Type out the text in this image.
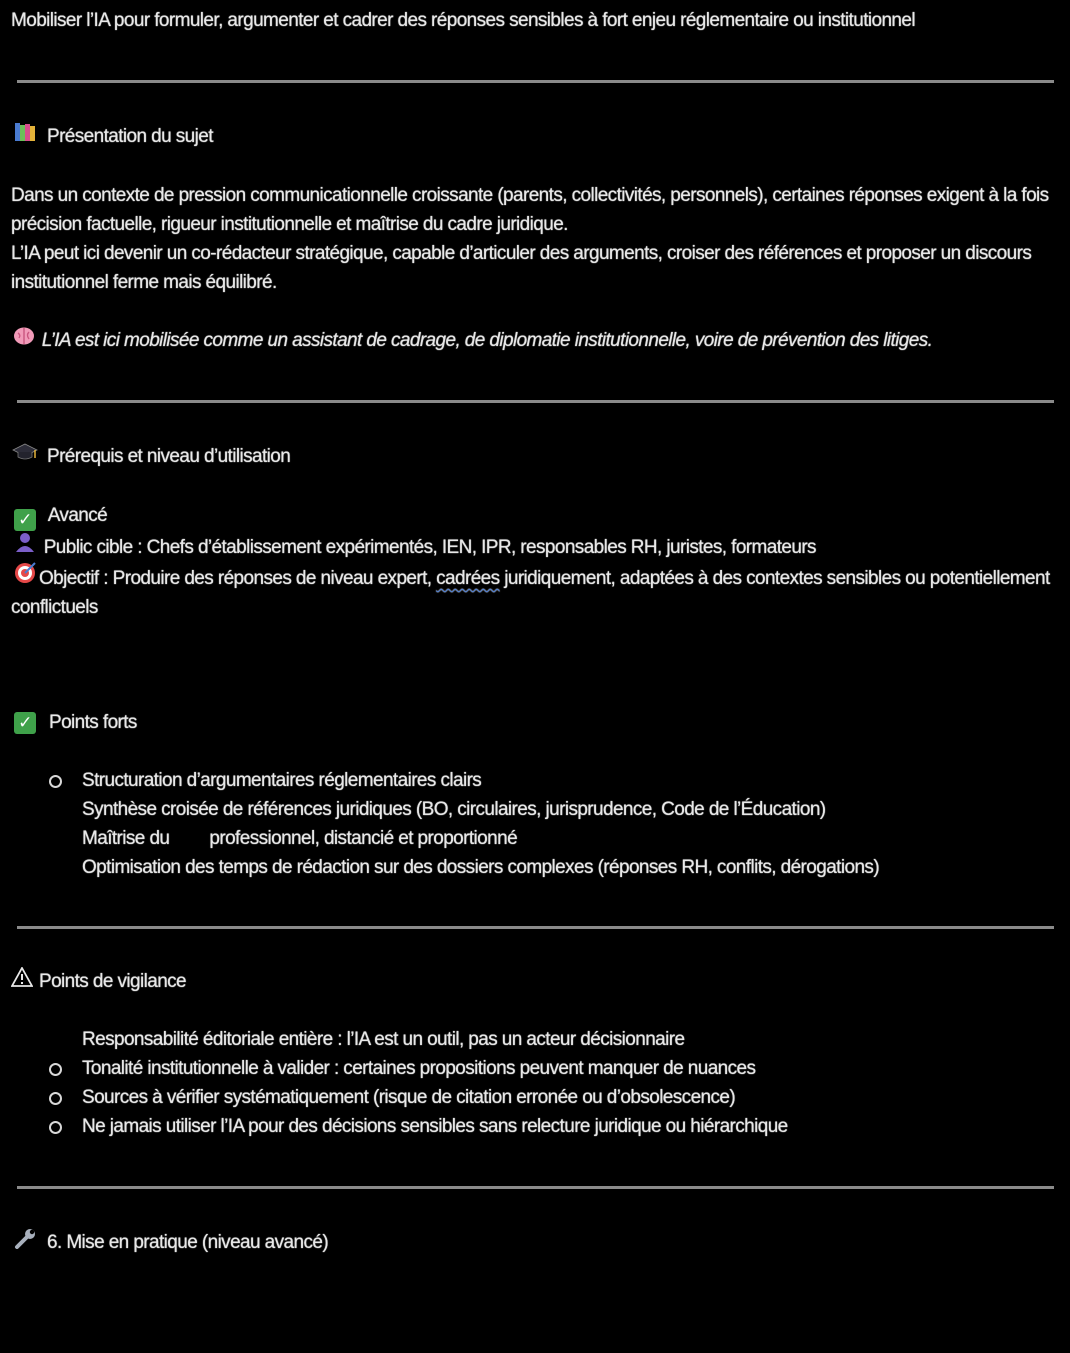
Mobiliser l’IA pour formuler, argumenter et cadrer des réponses sensibles à fort enjeu réglementaire ou institutionnel

Présentation du sujet

Dans un contexte de pression communicationnelle croissante (parents, collectivités, personnels), certaines réponses exigent à la fois précision factuelle, rigueur institutionnelle et maîtrise du cadre juridique.

L’IA peut ici devenir un co-rédacteur stratégique, capable d’articuler des arguments, croiser des références et proposer un discours institutionnel ferme mais équilibré.

L’IA est ici mobilisée comme un assistant de cadrage, de diplomatie institutionnelle, voire de prévention des litiges.

Prérequis et niveau d’utilisation
✓ Avancé
Public cible : Chefs d’établissement expérimentés, IEN, IPR, responsables RH, juristes, formateurs
Objectif : Produire des réponses de niveau expert, cadrées juridiquement, adaptées à des contextes sensibles ou potentiellement conflictuels
✓ Points forts
Structuration d’argumentaires réglementaires clairs
Synthèse croisée de références juridiques (BO, circulaires, jurisprudence, Code de l’Éducation)
Maîtrise du professionnel, distancié et proportionné
Optimisation des temps de rédaction sur des dossiers complexes (réponses RH, conflits, dérogations)
Points de vigilance
Responsabilité éditoriale entière : l’IA est un outil, pas un acteur décisionnaire
Tonalité institutionnelle à valider : certaines propositions peuvent manquer de nuances
Sources à vérifier systématiquement (risque de citation erronée ou d’obsolescence)
Ne jamais utiliser l’IA pour des décisions sensibles sans relecture juridique ou hiérarchique
6. Mise en pratique (niveau avancé)
